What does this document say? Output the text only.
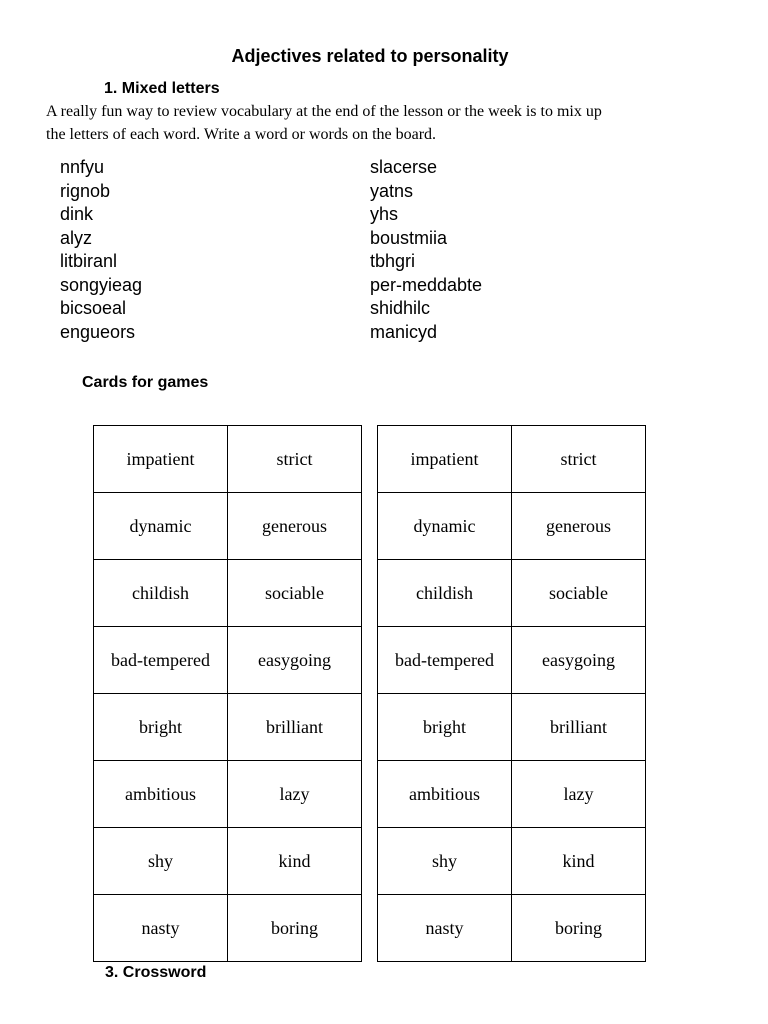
Adjectives related to personality
1. Mixed letters

A really fun way to review vocabulary at the end of the lesson or the week is to mix up

the letters of each word. Write a word or words on the board.

nnfyu
rignob
dink
alyz
litbiranl
songyieag
bicsoeal
engueors
slacerse
yatns
yhs
boustmiia
tbhgri
per-meddabte
shidhilc
manicyd
Cards for games
impatient	strict
dynamic	generous
childish	sociable
bad-tempered	easygoing
bright	brilliant
ambitious	lazy
shy	kind
nasty	boring
impatient	strict
dynamic	generous
childish	sociable
bad-tempered	easygoing
bright	brilliant
ambitious	lazy
shy	kind
nasty	boring
3. Crossword
